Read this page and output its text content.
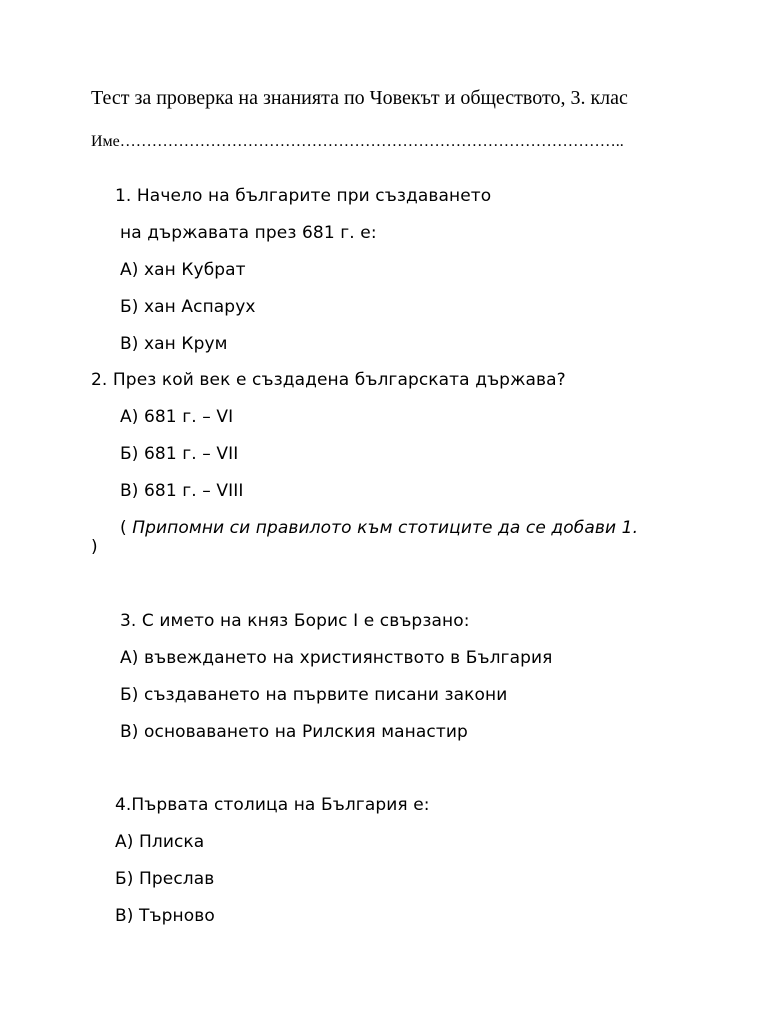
Тест за проверка на знанията по Човекът и обществото, 3. клас
Име…………………………………………………………………………………..
1. Начело на българите при създаването
на държавата през 681 г. е:
А) хан Кубрат
Б) хан Аспарух
В) хан Крум
2. През кой век е създадена българската държава?
А) 681 г. – VI
Б) 681 г. – VII
В) 681 г. – VIII
( Припомни си правилото към стотиците да се добави 1.
)
3. С името на княз Борис I е свързано:
А) въвеждането на християнството в България
Б) създаването на първите писани закони
В) основаването на Рилския манастир
4.Първата столица на България е:
А) Плиска
Б) Преслав
В) Търново
